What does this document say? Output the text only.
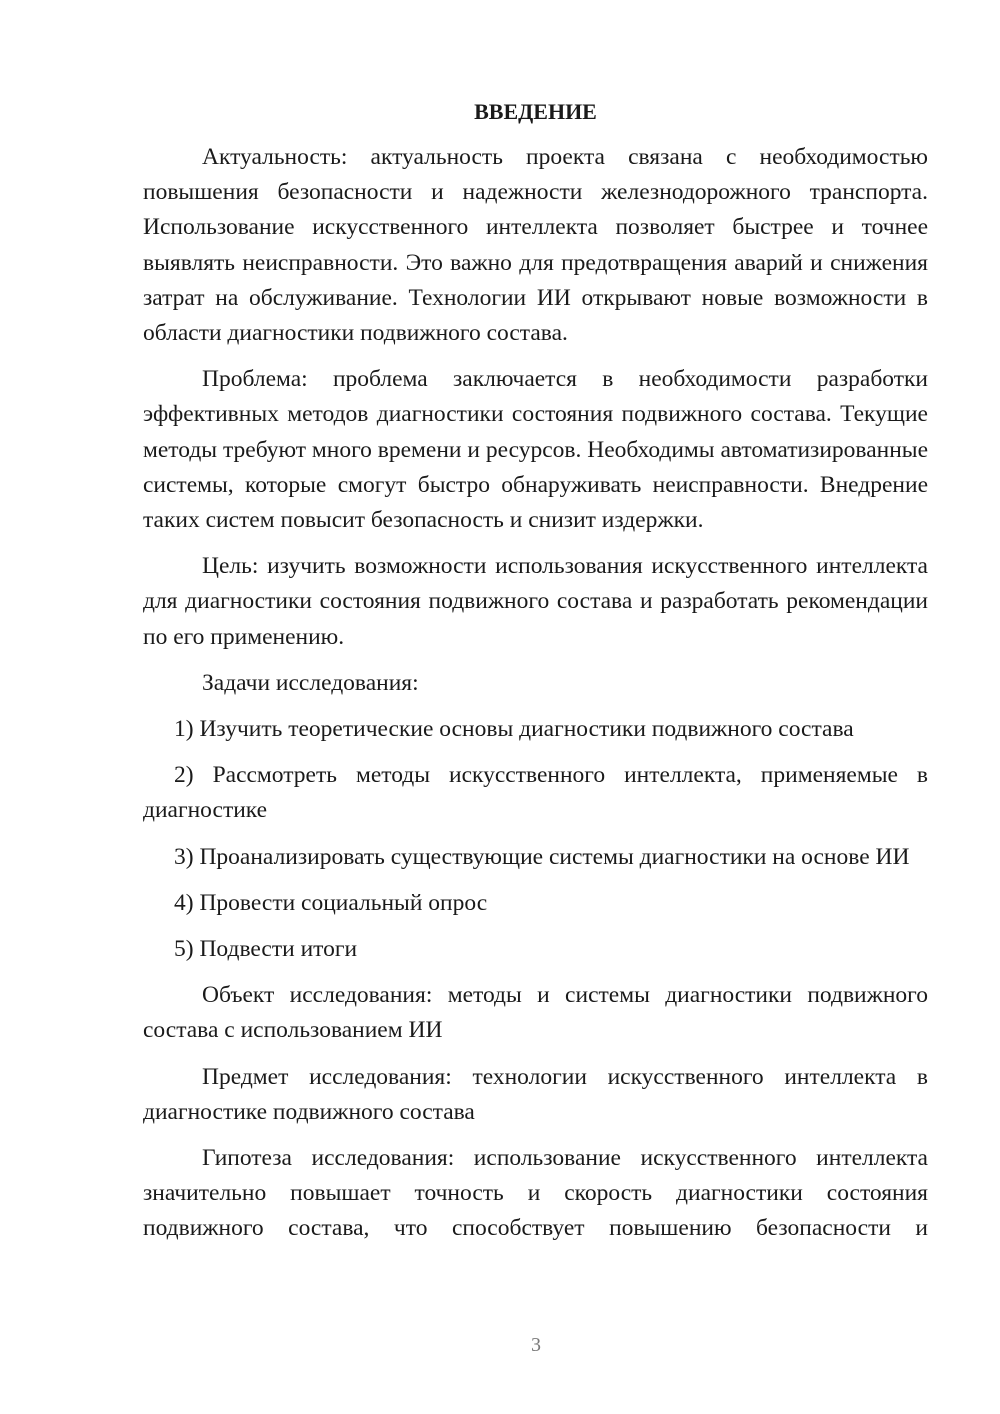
ВВЕДЕНИЕ

Актуальность: актуальность проекта связана с необходимостью повышения безопасности и надежности железнодорожного транспорта. Использование искусственного интеллекта позволяет быстрее и точнее выявлять неисправности. Это важно для предотвращения аварий и снижения затрат на обслуживание. Технологии ИИ открывают новые возможности в области диагностики подвижного состава.

Проблема: проблема заключается в необходимости разработки эффективных методов диагностики состояния подвижного состава. Текущие методы требуют много времени и ресурсов. Необходимы автоматизированные системы, которые смогут быстро обнаруживать неисправности. Внедрение таких систем повысит безопасность и снизит издержки.

Цель: изучить возможности использования искусственного интеллекта для диагностики состояния подвижного состава и разработать рекомендации по его применению.

Задачи исследования:

1) Изучить теоретические основы диагностики подвижного состава

2) Рассмотреть методы искусственного интеллекта, применяемые в диагностике

3) Проанализировать существующие системы диагностики на основе ИИ

4) Провести социальный опрос

5) Подвести итоги

Объект исследования: методы и системы диагностики подвижного состава с использованием ИИ

Предмет исследования: технологии искусственного интеллекта в диагностике подвижного состава

Гипотеза исследования: использование искусственного интеллекта значительно повышает точность и скорость диагностики состояния подвижного состава, что способствует повышению безопасности и

3
